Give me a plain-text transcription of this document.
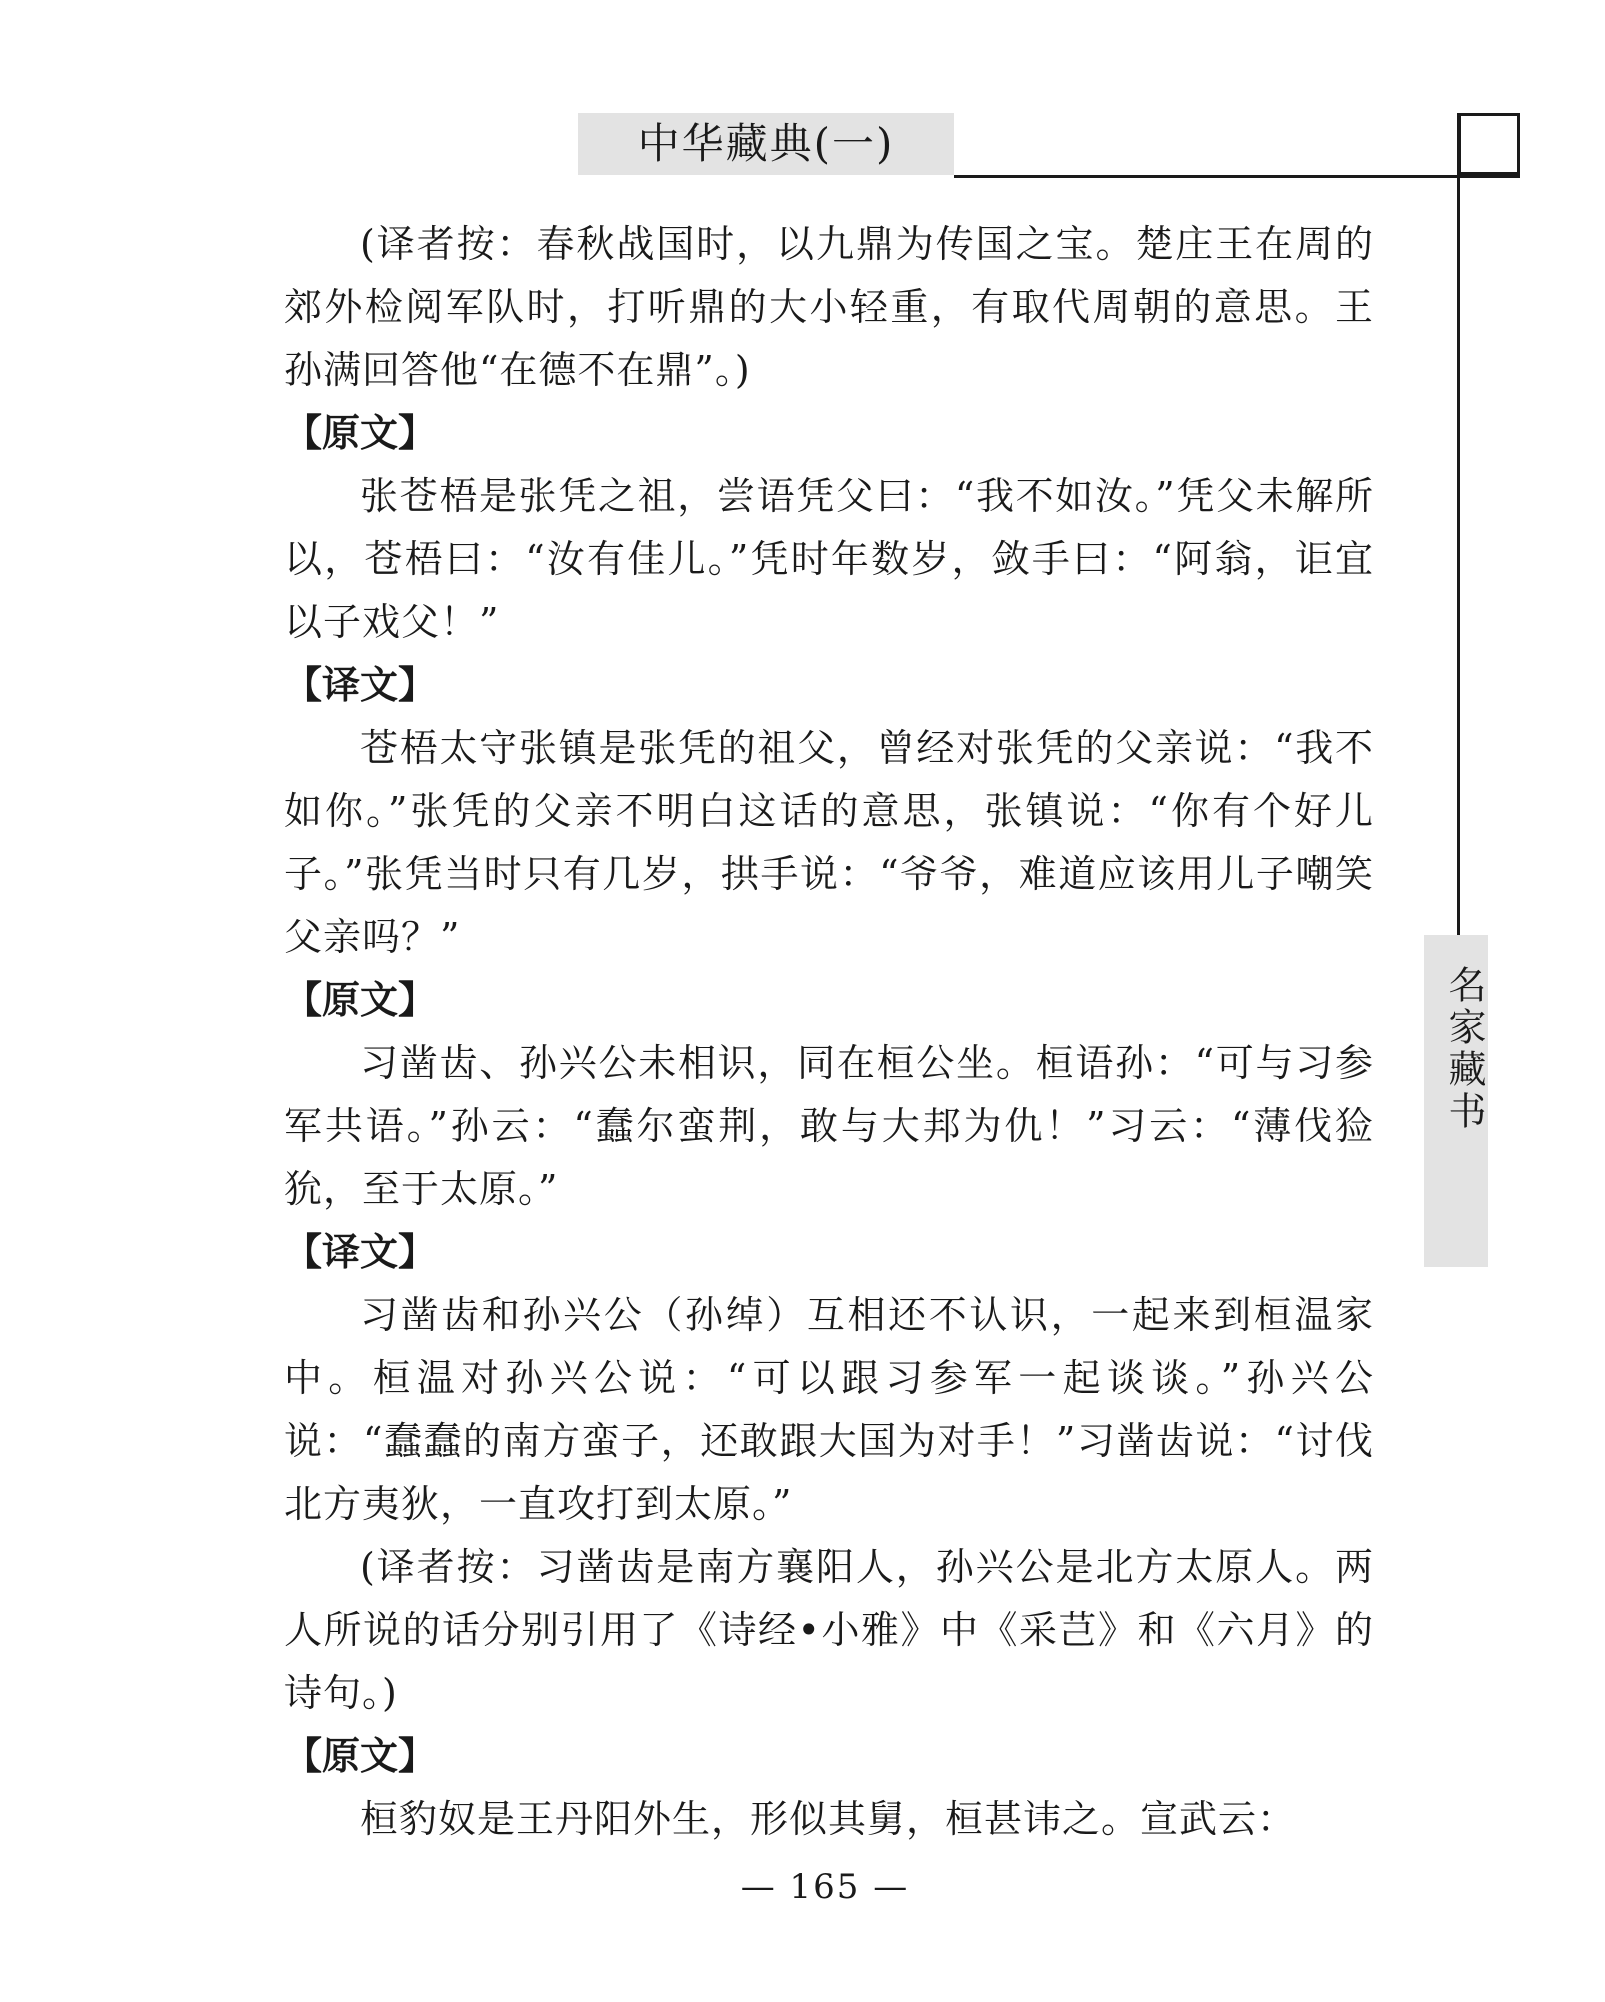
中华藏典(一)
名家藏书

(译者按：春秋战国时，以九鼎为传国之宝。楚庄王在周的郊外检阅军队时，打听鼎的大小轻重，有取代周朝的意思。王孙满回答他“在德不在鼎”。)

【原文】

张苍梧是张凭之祖，尝语凭父曰：“我不如汝。”凭父未解所以，苍梧曰：“汝有佳儿。”凭时年数岁，敛手曰：“阿翁，讵宜以子戏父！”

【译文】

苍梧太守张镇是张凭的祖父，曾经对张凭的父亲说：“我不如你。”张凭的父亲不明白这话的意思，张镇说：“你有个好儿子。”张凭当时只有几岁，拱手说：“爷爷，难道应该用儿子嘲笑父亲吗？”

【原文】

习凿齿、孙兴公未相识，同在桓公坐。桓语孙：“可与习参军共语。”孙云：“蠢尔蛮荆，敢与大邦为仇！”习云：“薄伐猃狁，至于太原。”

【译文】

习凿齿和孙兴公（孙绰）互相还不认识，一起来到桓温家中。桓温对孙兴公说：“可以跟习参军一起谈谈。”孙兴公说：“蠢蠢的南方蛮子，还敢跟大国为对手！”习凿齿说：“讨伐北方夷狄，一直攻打到太原。”

(译者按：习凿齿是南方襄阳人，孙兴公是北方太原人。两人所说的话分别引用了《诗经•小雅》中《采芑》和《六月》的诗句。)

【原文】

桓豹奴是王丹阳外生，形似其舅，桓甚讳之。宣武云：

— 165 —
